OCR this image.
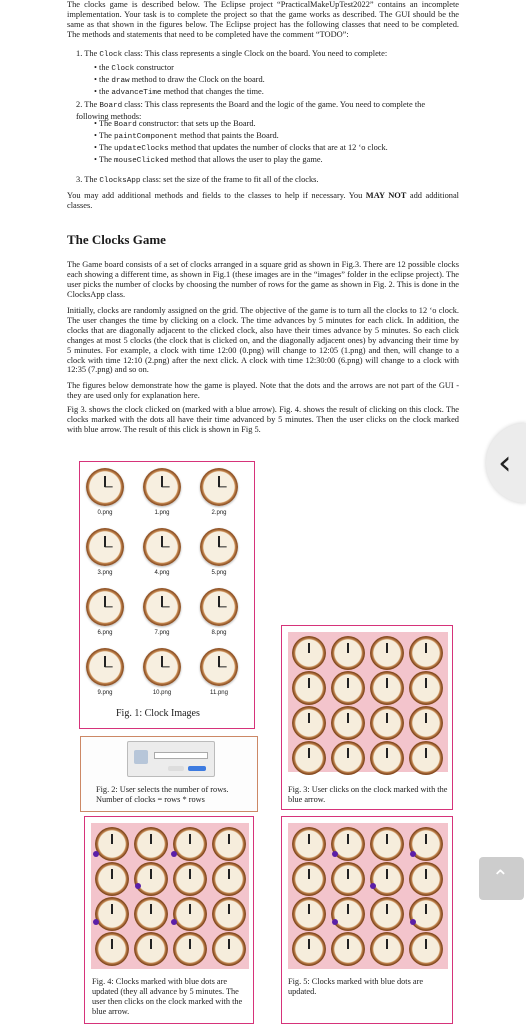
The clocks game is described below. The Eclipse project “PracticalMakeUpTest2022” contains an incomplete implementation. Your task is to complete the project so that the game works as described. The GUI should be the same as that shown in the figures below. The Eclipse project has the following classes that need to be completed. The methods and statements that need to be completed have the comment “TODO”:

1. The Clock class: This class represents a single Clock on the board. You need to complete:
• the Clock constructor
• the draw method to draw the Clock on the board.
• the advanceTime method that changes the time.
2. The Board class: This class represents the Board and the logic of the game. You need to complete the following methods:
• The Board constructor: that sets up the Board.
• The paintComponent method that paints the Board.
• The updateClocks method that updates the number of clocks that are at 12 ‘o clock.
• The mouseClicked method that allows the user to play the game.
3. The ClocksApp class: set the size of the frame to fit all of the clocks.

You may add additional methods and fields to the classes to help if necessary. You MAY NOT add additional classes.

The Clocks Game

The Game board consists of a set of clocks arranged in a square grid as shown in Fig.3. There are 12 possible clocks each showing a different time, as shown in Fig.1 (these images are in the “images” folder in the eclipse project). The user picks the number of clocks by choosing the number of rows for the game as shown in Fig. 2. This is done in the ClocksApp class.

Initially, clocks are randomly assigned on the grid. The objective of the game is to turn all the clocks to 12 ‘o clock. The user changes the time by clicking on a clock. The time advances by 5 minutes for each click. In addition, the clocks that are diagonally adjacent to the clicked clock, also have their times advance by 5 minutes. So each click changes at most 5 clocks (the clock that is clicked on, and the diagonally adjacent ones) by advancing their time by 5 minutes. For example, a clock with time 12:00 (0.png) will change to 12:05 (1.png) and then, will change to a clock with time 12:10 (2.png) after the next click. A clock with time 12:30:00 (6.png) will change to a clock with 12:35 (7.png) and so on.

The figures below demonstrate how the game is played. Note that the dots and the arrows are not part of the GUI - they are used only for explanation here.

Fig 3. shows the clock clicked on (marked with a blue arrow). Fig. 4. shows the result of clicking on this clock. The clocks marked with the dots all have their time advanced by 5 minutes. Then the user clicks on the clock marked with blue arrow. The result of this click is shown in Fig 5.

0.png	1.png	2.png
3.png	4.png	5.png
6.png	7.png	8.png
9.png	10.png	11.png
Fig. 1: Clock Images
Fig. 2: User selects the number of rows. Number of clocks = rows * rows
Fig. 3: User clicks on the clock marked with the blue arrow.
Fig. 4: Clocks marked with blue dots are updated (they all advance by 5 minutes. The user then clicks on the clock marked with the blue arrow.
Fig. 5: Clocks marked with blue dots are updated.
‹
⌃
